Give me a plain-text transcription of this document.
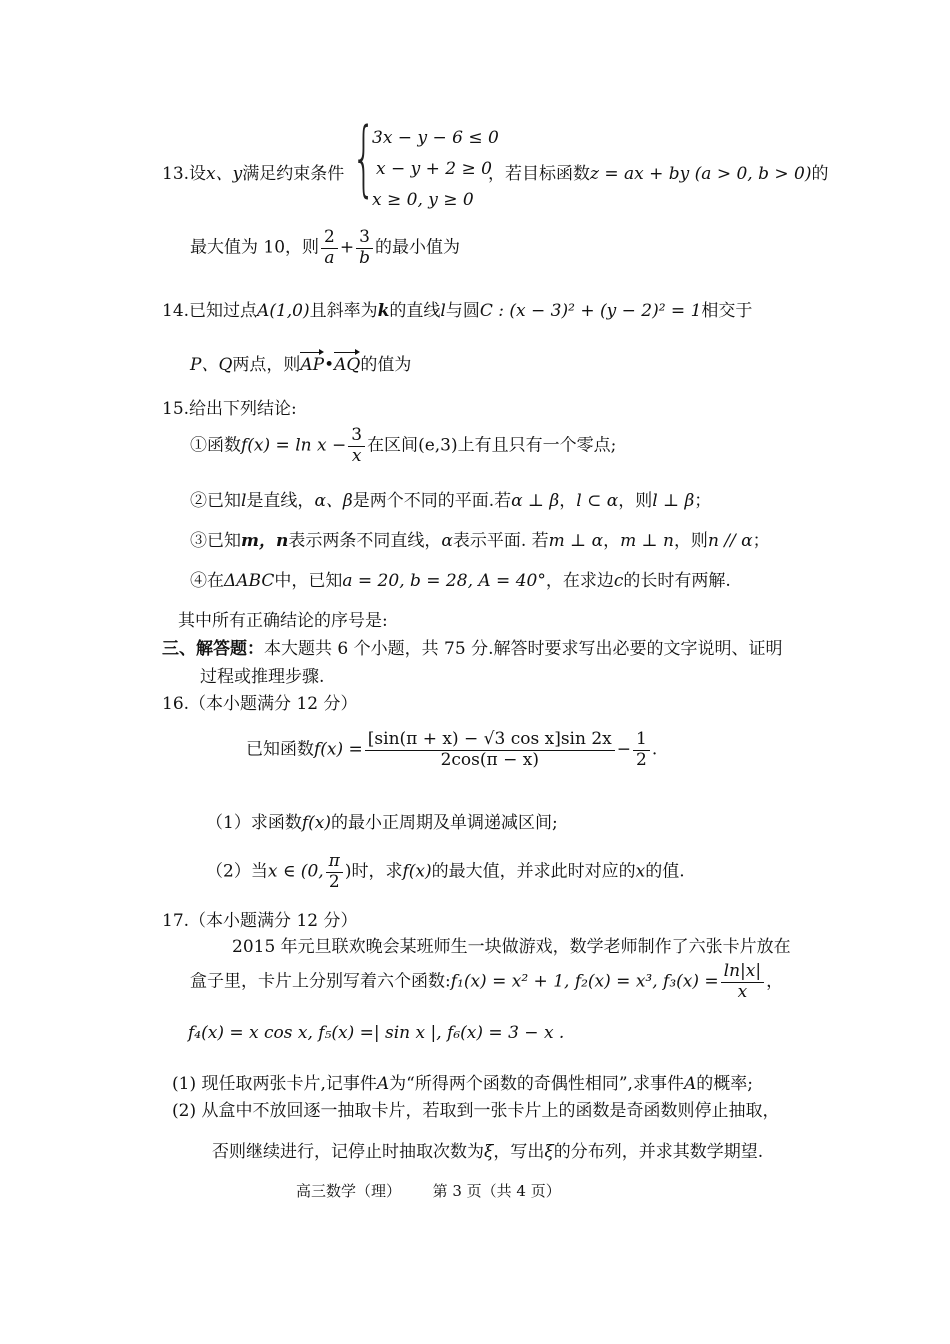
13.设x、y满足约束条件 {
3x − y − 6 ≤ 0
x − y + 2 ≥ 0
x ≥ 0, y ≥ 0
，若目标函数z = ax + by (a > 0, b > 0)的
最大值为 10，则 $\frac{2}{a} + \frac{3}{b}$ 的最小值为
14.已知过点A(1,0)且斜率为k的直线l与圆C : (x − 3)² + (y − 2)² = 1相交于
P、Q两点，则AP•AQ的值为
15.给出下列结论:
①函数$f(x) = \ln x - \frac{3}{x}$ 在区间(e,3)上有且只有一个零点;
②已知l是直线，α、β是两个不同的平面.若α ⊥ β，l ⊂ α，则l ⊥ β；
③已知m，n表示两条不同直线，α表示平面. 若m ⊥ α，m ⊥ n，则n // α；
④在ΔABC中，已知a = 20, b = 28, A = 40°，在求边c的长时有两解.
其中所有正确结论的序号是:
三、解答题：本大题共 6 个小题，共 75 分.解答时要求写出必要的文字说明、证明
过程或推理步骤.
16.（本小题满分 12 分）
已知函数$f(x) = \frac{\text{[sin(π + x) − √3 cos x]sin 2x}}{2\cos(\pi - x)} - \frac{1}{2}$ .
（1）求函数f(x)的最小正周期及单调递减区间;
（2）当x ∈ (0, $\frac{\pi}{2}$ )时，求f(x)的最大值，并求此时对应的x的值.
17.（本小题满分 12 分）
2015 年元旦联欢晚会某班师生一块做游戏，数学老师制作了六张卡片放在
盒子里，卡片上分别写着六个函数:f₁(x) = x² + 1, f₂(x) = x³, $f_3(x) = \frac{\ln|x|}{x}$ ，
f₄(x) = x cos x, f₅(x) =| sin x |, f₆(x) = 3 − x .
(1) 现任取两张卡片,记事件A为“所得两个函数的奇偶性相同”,求事件A的概率;
(2) 从盒中不放回逐一抽取卡片，若取到一张卡片上的函数是奇函数则停止抽取，
否则继续进行，记停止时抽取次数为ξ，写出ξ的分布列，并求其数学期望.
高三数学（理） 第 3 页（共 4 页）
